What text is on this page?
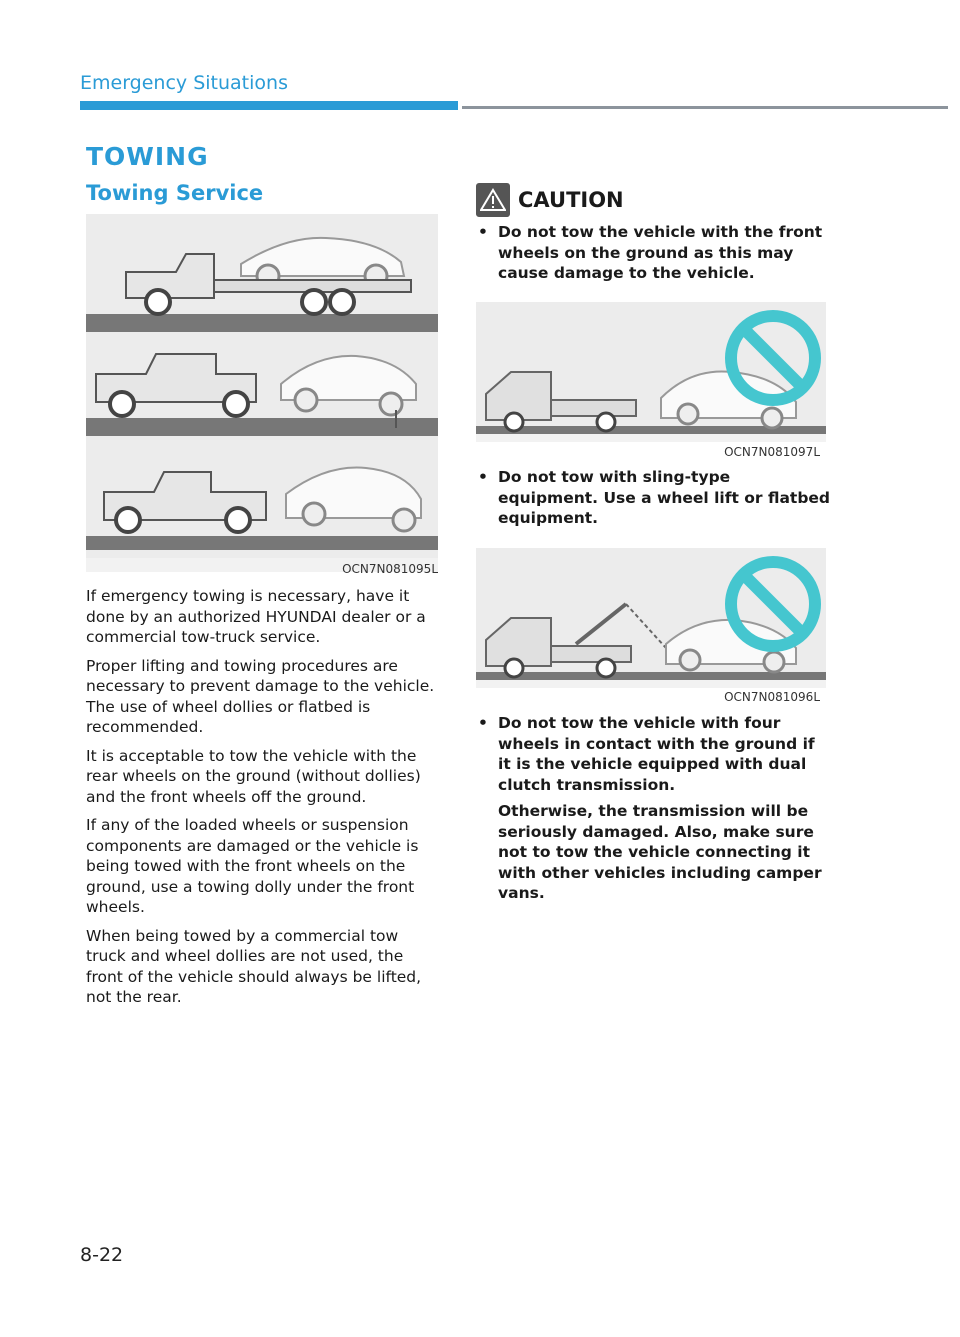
Emergency Situations
TOWING
Towing Service
OCN7N081095L

If emergency towing is necessary, have it done by an authorized HYUNDAI dealer or a commercial tow-truck service.

Proper lifting and towing procedures are necessary to prevent damage to the vehicle. The use of wheel dollies or flatbed is recommended.

It is acceptable to tow the vehicle with the rear wheels on the ground (without dollies) and the front wheels off the ground.

If any of the loaded wheels or suspension components are damaged or the vehicle is being towed with the front wheels on the ground, use a towing dolly under the front wheels.

When being towed by a commercial tow truck and wheel dollies are not used, the front of the vehicle should always be lifted, not the rear.

CAUTION
• Do not tow the vehicle with the front wheels on the ground as this may cause damage to the vehicle.

OCN7N081097L
• Do not tow with sling-type equipment. Use a wheel lift or flatbed equipment.

OCN7N081096L
• Do not tow the vehicle with four wheels in contact with the ground if it is the vehicle equipped with dual clutch transmission.

Otherwise, the transmission will be seriously damaged. Also, make sure not to tow the vehicle connecting it with other vehicles including camper vans.

8-22
